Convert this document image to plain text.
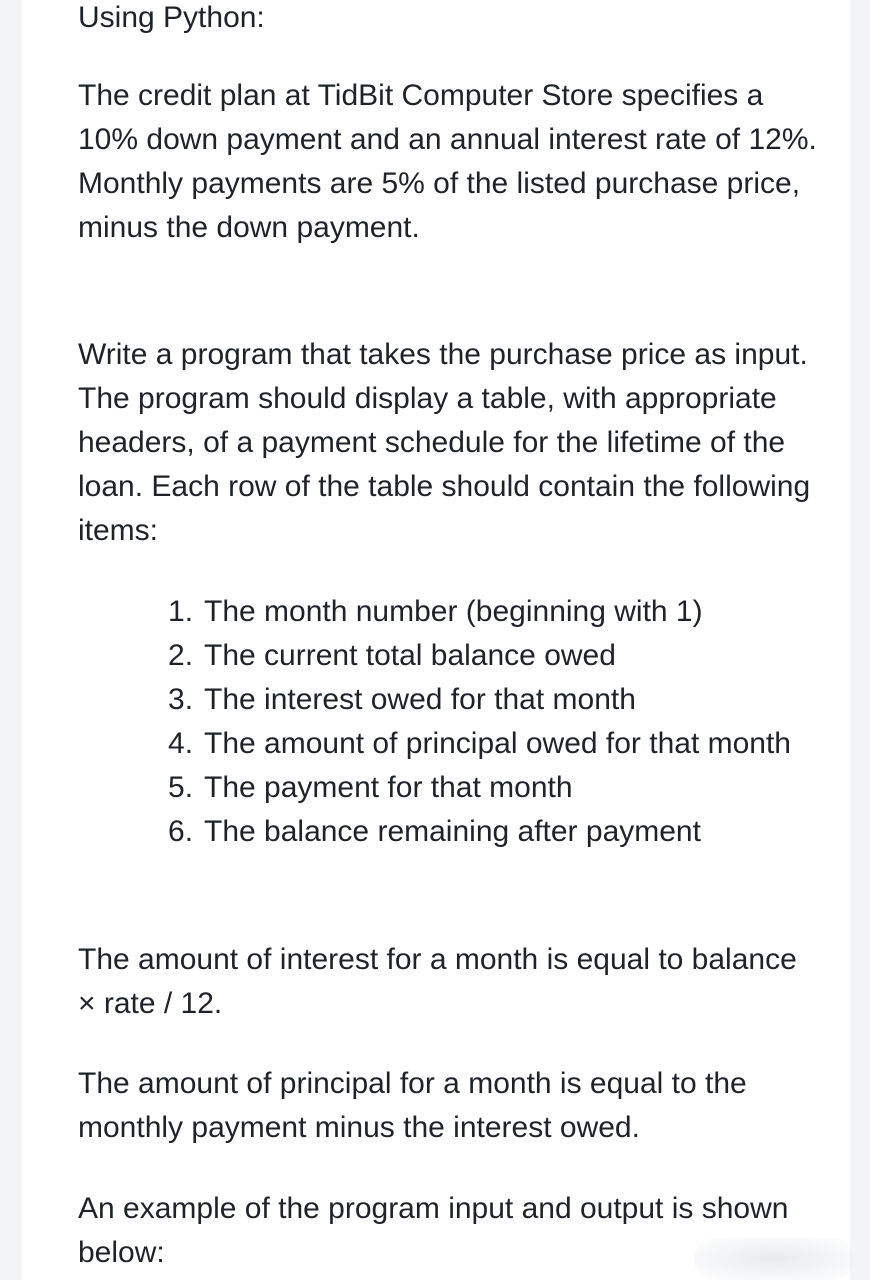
Using Python:

The credit plan at TidBit Computer Store specifies a 10% down payment and an annual interest rate of 12%. Monthly payments are 5% of the listed purchase price, minus the down payment.

Write a program that takes the purchase price as input. The program should display a table, with appropriate headers, of a payment schedule for the lifetime of the loan. Each row of the table should contain the following items:

The month number (beginning with 1)
The current total balance owed
The interest owed for that month
The amount of principal owed for that month
The payment for that month
The balance remaining after payment

The amount of interest for a month is equal to balance × rate / 12.

The amount of principal for a month is equal to the monthly payment minus the interest owed.

An example of the program input and output is shown below:
